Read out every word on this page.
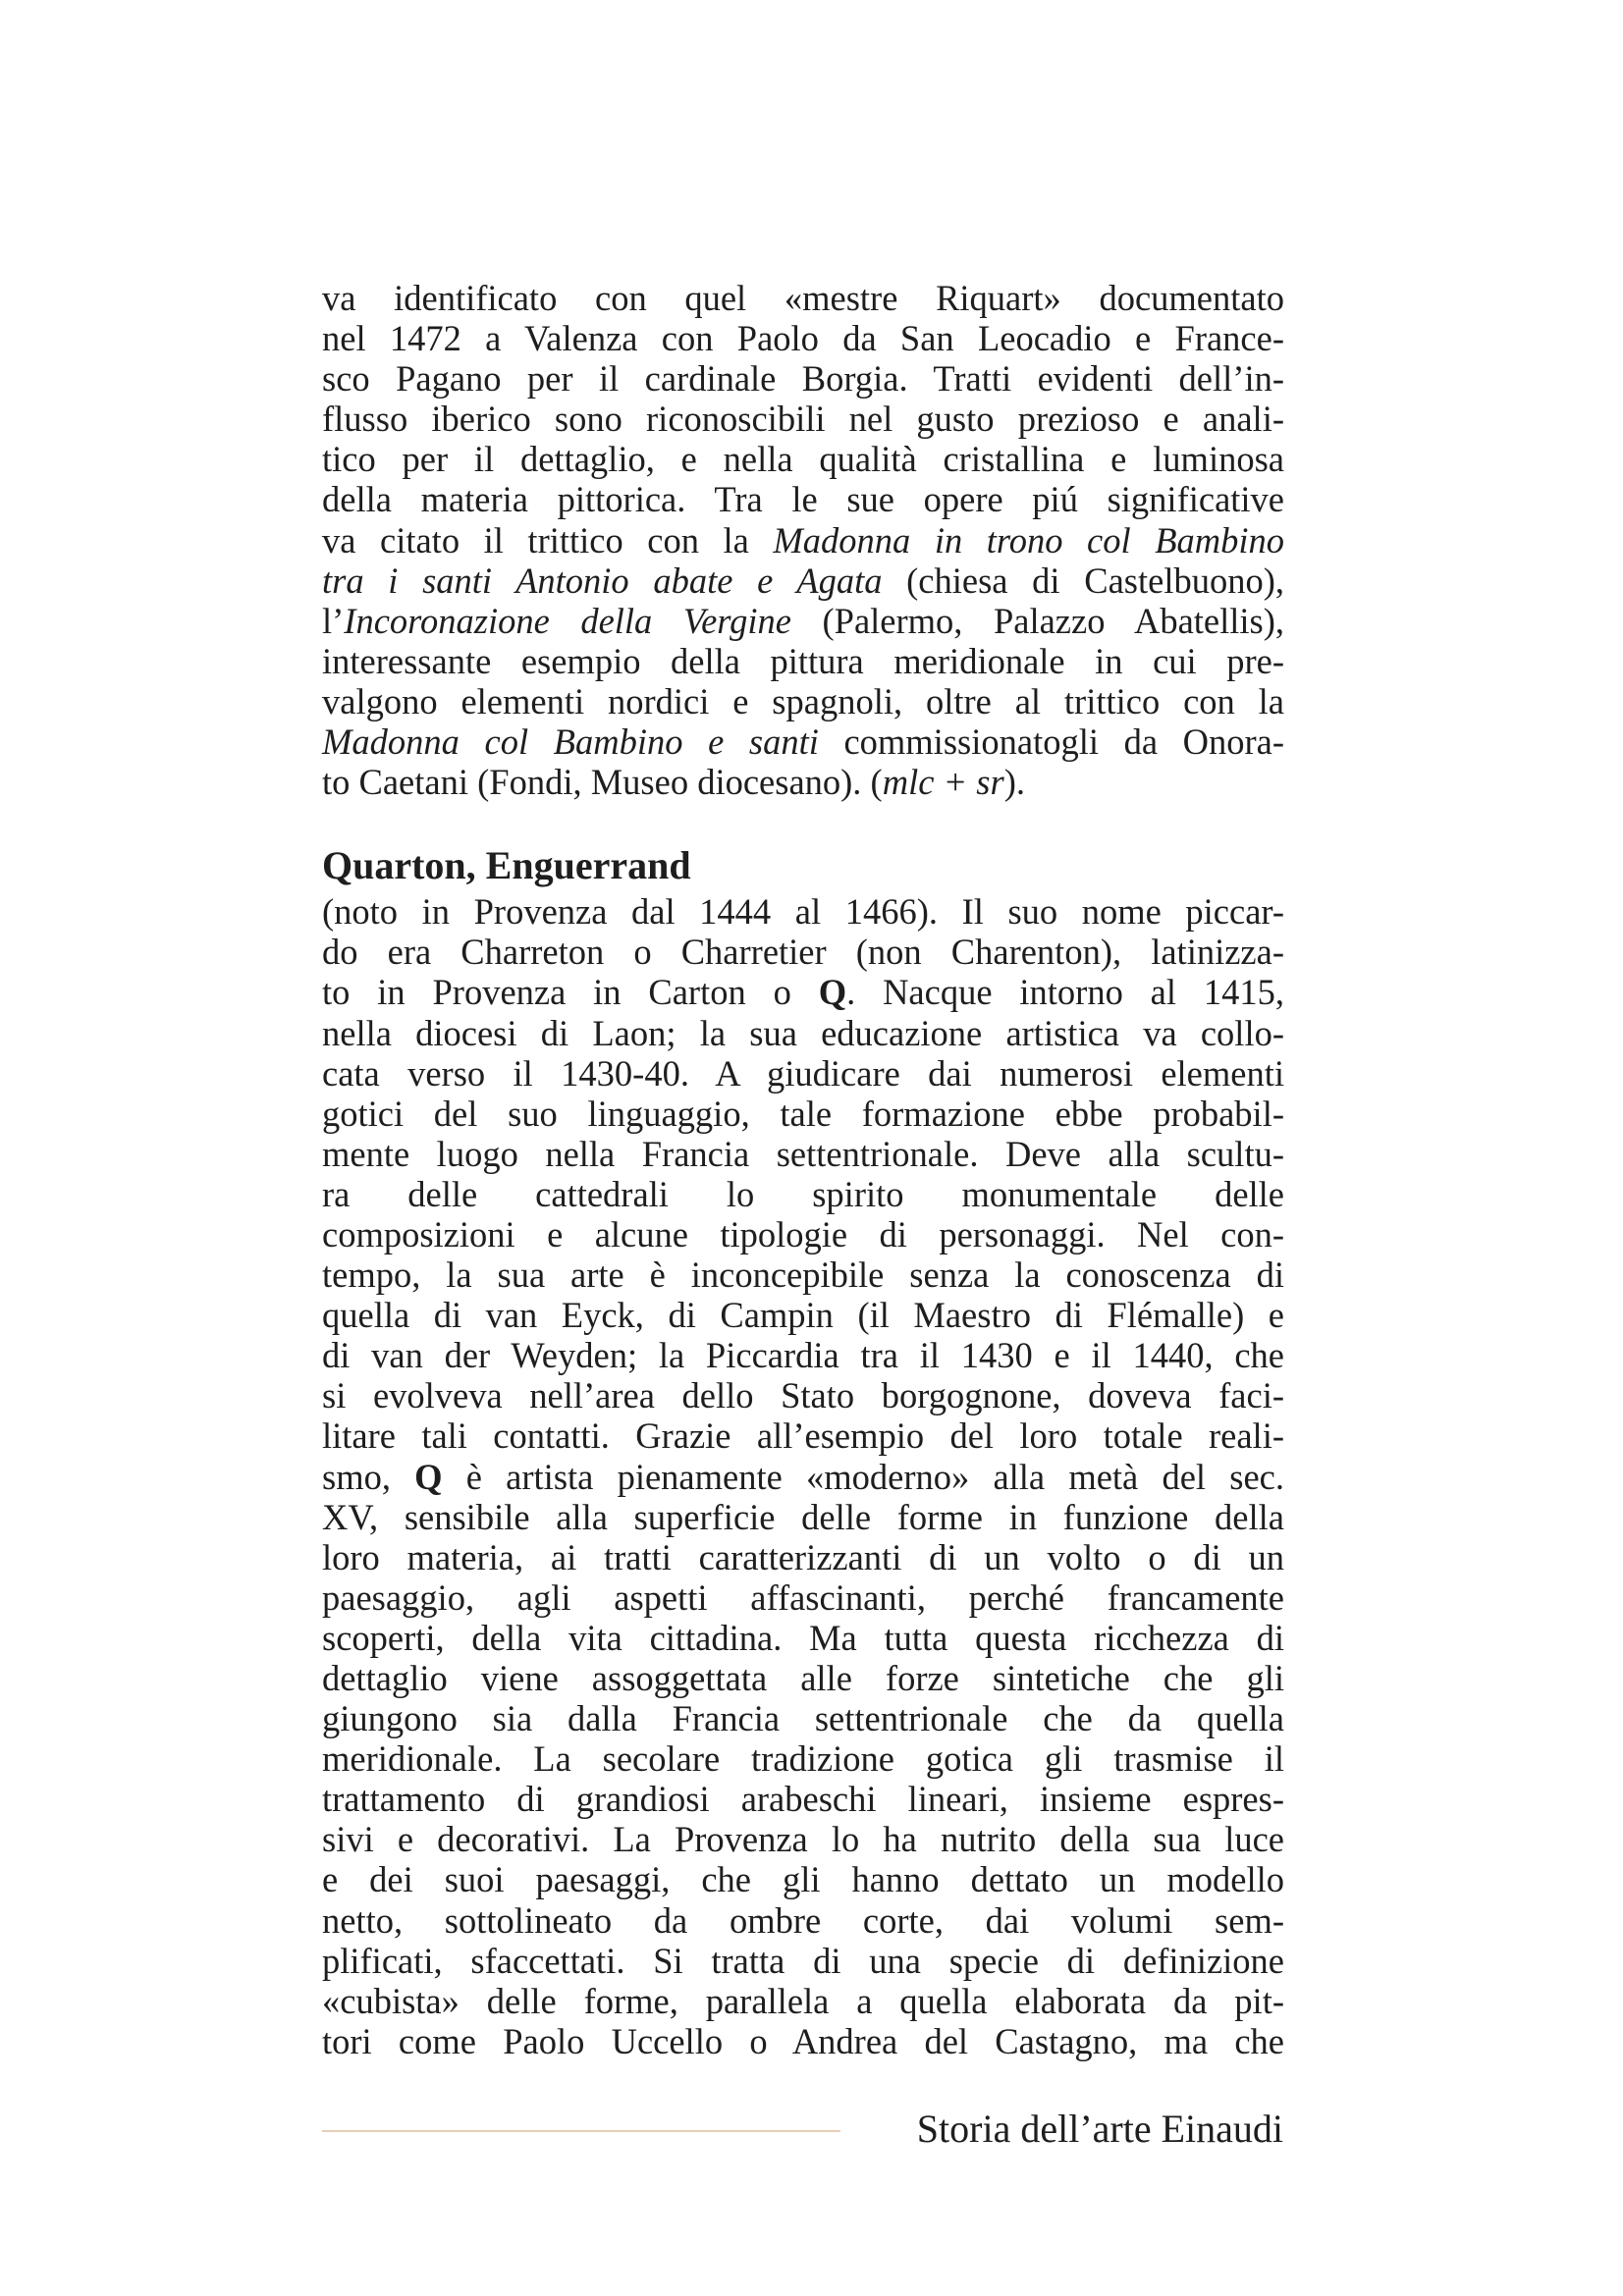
va identificato con quel «mestre Riquart» documentato
nel 1472 a Valenza con Paolo da San Leocadio e France-
sco Pagano per il cardinale Borgia. Tratti evidenti dell’in-
flusso iberico sono riconoscibili nel gusto prezioso e anali-
tico per il dettaglio, e nella qualità cristallina e luminosa
della materia pittorica. Tra le sue opere piú significative
va citato il trittico con la Madonna in trono col Bambino
tra i santi Antonio abate e Agata (chiesa di Castelbuono),
l’Incoronazione della Vergine (Palermo, Palazzo Abatellis),
interessante esempio della pittura meridionale in cui pre-
valgono elementi nordici e spagnoli, oltre al trittico con la
Madonna col Bambino e santi commissionatogli da Onora-
to Caetani (Fondi, Museo diocesano). (mlc + sr).
Quarton, Enguerrand
(noto in Provenza dal 1444 al 1466). Il suo nome piccar-
do era Charreton o Charretier (non Charenton), latinizza-
to in Provenza in Carton o Q. Nacque intorno al 1415,
nella diocesi di Laon; la sua educazione artistica va collo-
cata verso il 1430-40. A giudicare dai numerosi elementi
gotici del suo linguaggio, tale formazione ebbe probabil-
mente luogo nella Francia settentrionale. Deve alla scultu-
ra delle cattedrali lo spirito monumentale delle
composizioni e alcune tipologie di personaggi. Nel con-
tempo, la sua arte è inconcepibile senza la conoscenza di
quella di van Eyck, di Campin (il Maestro di Flémalle) e
di van der Weyden; la Piccardia tra il 1430 e il 1440, che
si evolveva nell’area dello Stato borgognone, doveva faci-
litare tali contatti. Grazie all’esempio del loro totale reali-
smo, Q è artista pienamente «moderno» alla metà del sec.
XV, sensibile alla superficie delle forme in funzione della
loro materia, ai tratti caratterizzanti di un volto o di un
paesaggio, agli aspetti affascinanti, perché francamente
scoperti, della vita cittadina. Ma tutta questa ricchezza di
dettaglio viene assoggettata alle forze sintetiche che gli
giungono sia dalla Francia settentrionale che da quella
meridionale. La secolare tradizione gotica gli trasmise il
trattamento di grandiosi arabeschi lineari, insieme espres-
sivi e decorativi. La Provenza lo ha nutrito della sua luce
e dei suoi paesaggi, che gli hanno dettato un modello
netto, sottolineato da ombre corte, dai volumi sem-
plificati, sfaccettati. Si tratta di una specie di definizione
«cubista» delle forme, parallela a quella elaborata da pit-
tori come Paolo Uccello o Andrea del Castagno, ma che
Storia dell’arte Einaudi
